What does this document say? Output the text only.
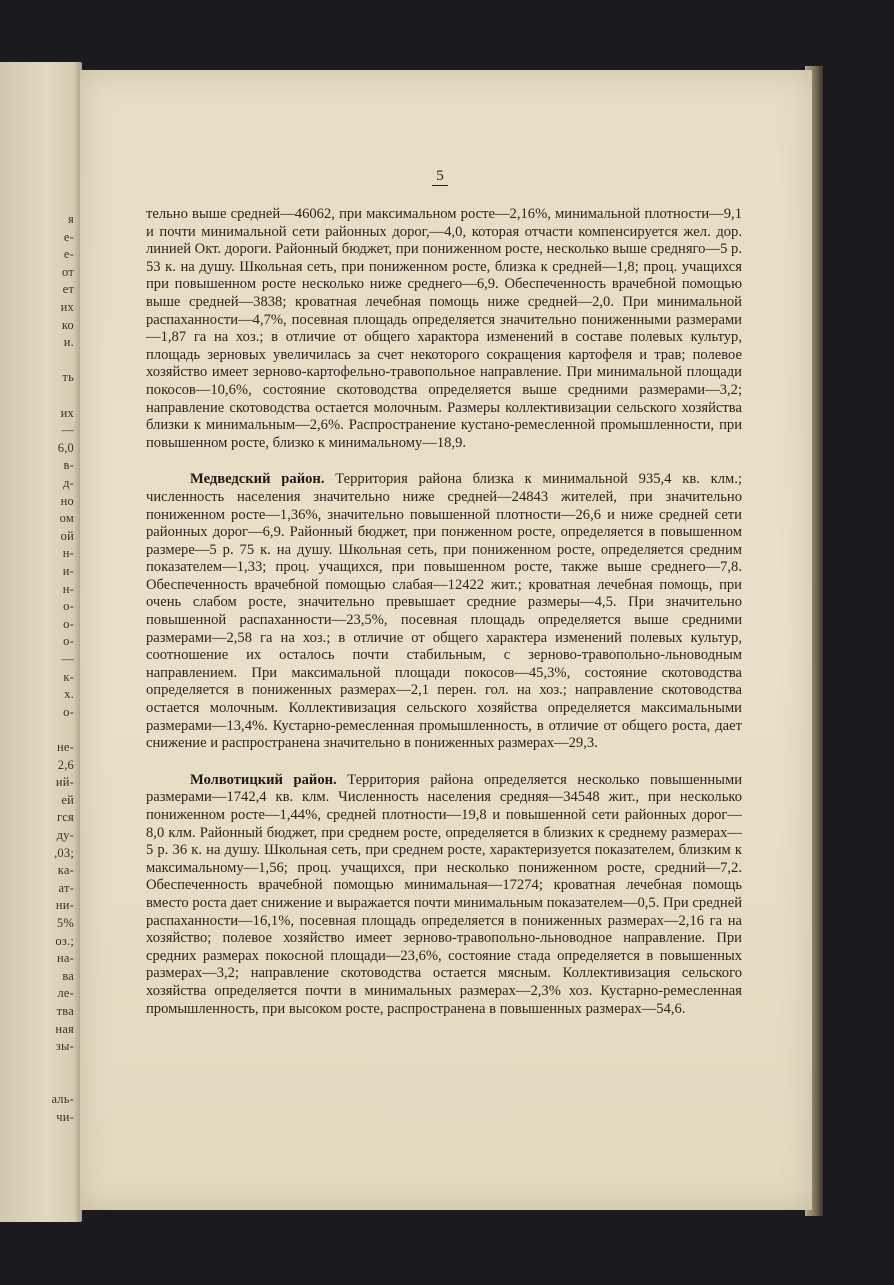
я
е-
е-
от
ет
их
ко
и.
ть
их
—
6,0
в-
д-
но
ом
ой
н-
и-
н-
о-
о-
о-
—
к-
х.
о-
не-
2,6
ий-
ей
гся
ду-
,03;
ка-
ат-
ни-
5%
оз.;
на-
ва
ле-
тва
ная
зы-
аль-
чи-
5

тельно выше средней—46062, при максимальном росте—2,16%, минимальной плотности—9,1 и почти минимальной сети районных дорог,—4,0, которая отчасти компенсируется жел. дор. линией Окт. дороги. Районный бюджет, при пониженном росте, несколько выше средняго—5 р. 53 к. на душу. Школьная сеть, при пониженном росте, близка к средней—1,8; проц. учащихся при повышенном росте несколько ниже среднего—6,9. Обеспеченность врачебной помощью выше средней—3838; кроватная лечебная помощь ниже средней—2,0. При минимальной распаханности—4,7%, посевная площадь определяется значительно пониженными размерами—1,87 га на хоз.; в отличие от общего характора изменений в составе полевых культур, площадь зерновых увеличилась за счет некоторого сокращения картофеля и трав; полевое хозяйство имеет зерново-картофельно-травопольное направление. При минимальной площади покосов—10,6%, состояние скотоводства определяется выше средними размерами—3,2; направление скотоводства остается молочным. Размеры коллективизации сельского хозяйства близки к минимальным—2,6%. Распространение кустано-ремесленной промышленности, при повышенном росте, близко к минимальному—18,9.

Медведский район. Территория района близка к минимальной 935,4 кв. клм.; численность населения значительно ниже средней—24843 жителей, при значительно пониженном росте—1,36%, значительно повышенной плотности—26,6 и ниже средней сети районных дорог—6,9. Районный бюджет, при понженном росте, определяется в повышенном размере—5 р. 75 к. на душу. Школьная сеть, при пониженном росте, определяется средним показателем—1,33; проц. учащихся, при повышенном росте, также выше среднего—7,8. Обеспеченность врачебной помощью слабая—12422 жит.; кроватная лечебная помощь, при очень слабом росте, значительно превышает средние размеры—4,5. При значительно повышенной распаханности—23,5%, посевная площадь определяется выше средними размерами—2,58 га на хоз.; в отличие от общего характера изменений полевых культур, соотношение их осталось почти стабильным, с зерново-травопольно-льноводным направлением. При максимальной площади покосов—45,3%, состояние скотоводства определяется в пониженных размерах—2,1 перен. гол. на хоз.; направление скотоводства остается молочным. Коллективизация сельского хозяйства определяется максимальными размерами—13,4%. Кустарно-ремесленная промышленность, в отличие от общего роста, дает снижение и распространена значительно в пониженных размерах—29,3.

Молвотицкий район. Территория района определяется несколько повышенными размерами—1742,4 кв. клм. Численность населения средняя—34548 жит., при несколько пониженном росте—1,44%, средней плотности—19,8 и повышенной сети районных дорог—8,0 клм. Районный бюджет, при среднем росте, определяется в близких к среднему размерах—5 р. 36 к. на душу. Школьная сеть, при среднем росте, характеризуется показателем, близким к максимальному—1,56; проц. учащихся, при несколько пониженном росте, средний—7,2. Обеспеченность врачебной помощью минимальная—17274; кроватная лечебная помощь вместо роста дает снижение и выражается почти минимальным показателем—0,5. При средней распаханности—16,1%, посевная площадь определяется в пониженных размерах—2,16 га на хозяйство; полевое хозяйство имеет зерново-травопольно-льноводное направление. При средних размерах покосной площади—23,6%, состояние стада определяется в повышенных размерах—3,2; направление скотоводства остается мясным. Коллективизация сельского хозяйства определяется почти в минимальных размерах—2,3% хоз. Кустарно-ремесленная промышленность, при высоком росте, распространена в повышенных размерах—54,6.
